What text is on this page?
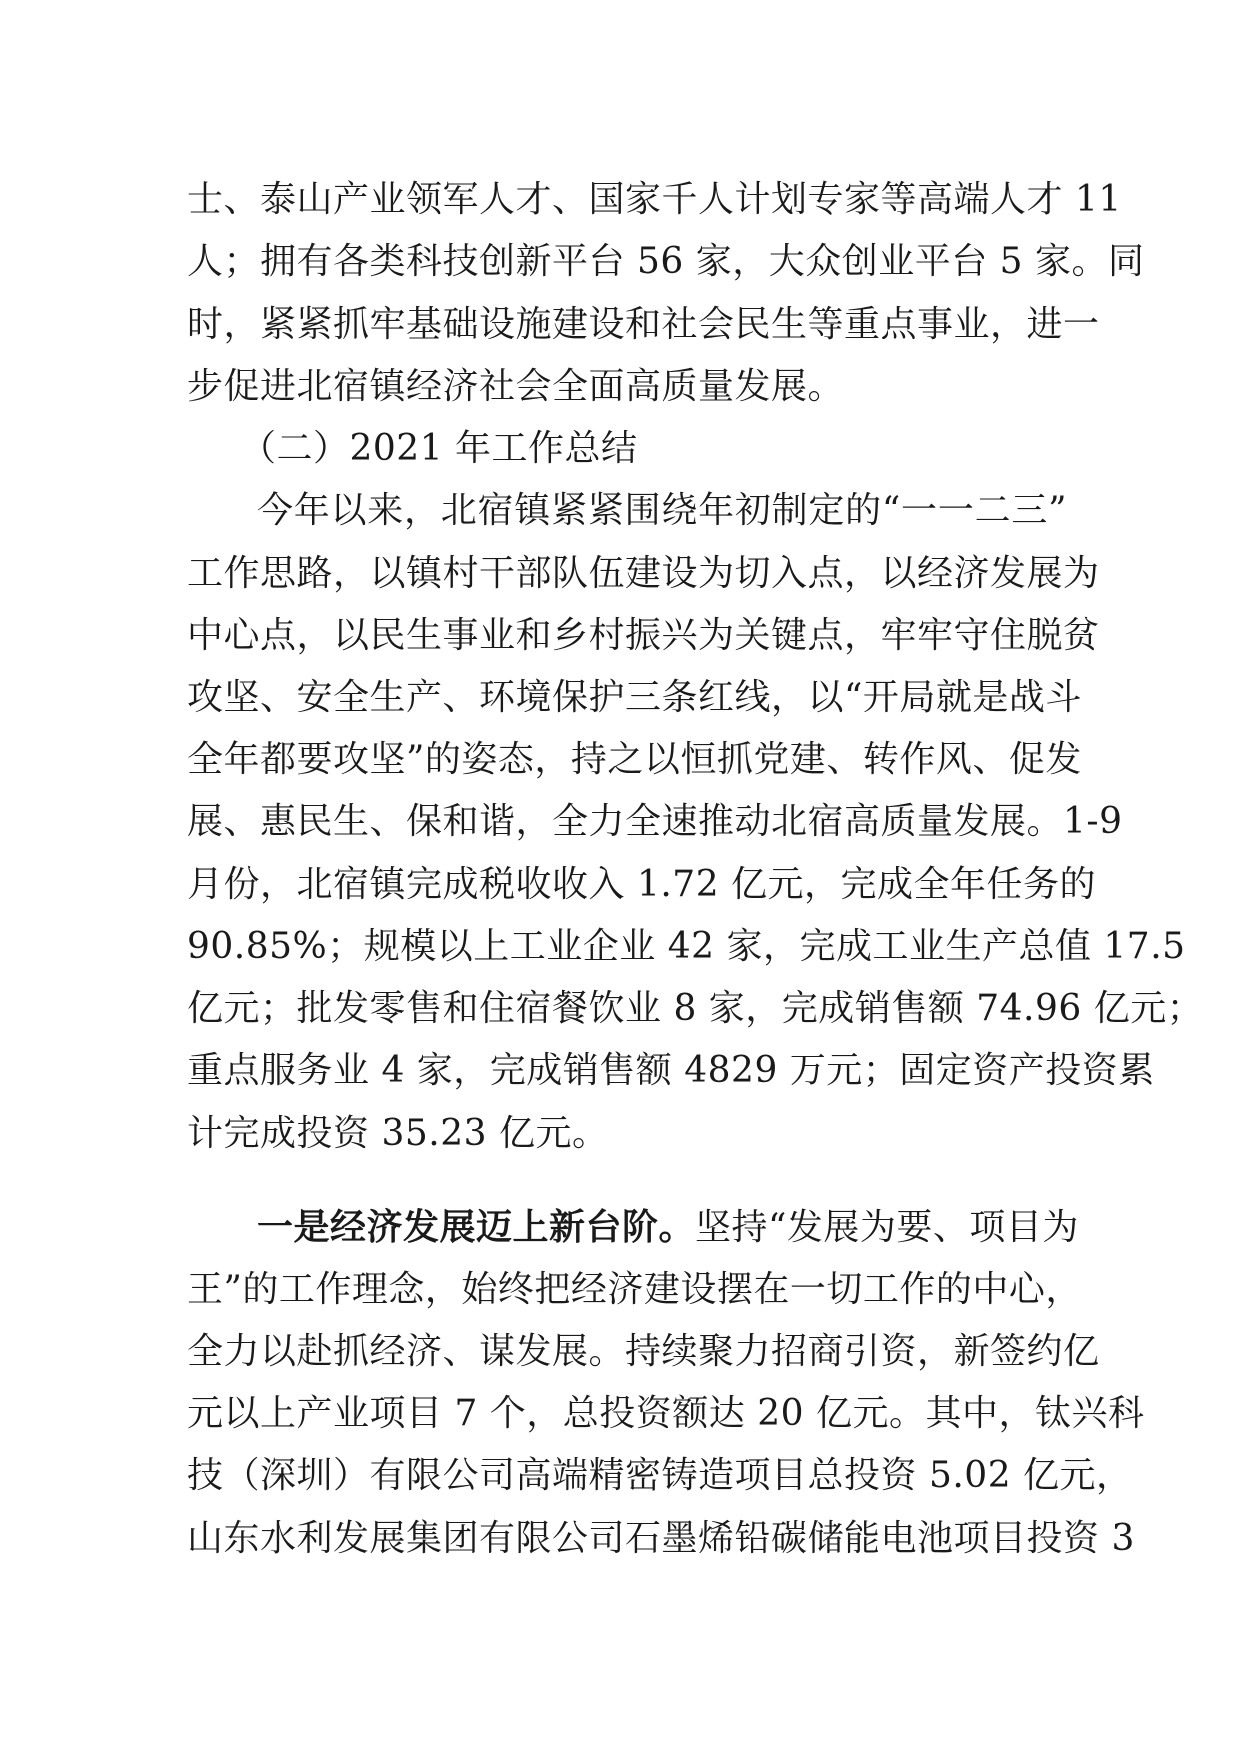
士、泰山产业领军人才、国家千人计划专家等高端人才 11
人；拥有各类科技创新平台 56 家，大众创业平台 5 家。同
时，紧紧抓牢基础设施建设和社会民生等重点事业，进一
步促进北宿镇经济社会全面高质量发展。
（二）2021 年工作总结
今年以来，北宿镇紧紧围绕年初制定的“一一二三”
工作思路，以镇村干部队伍建设为切入点，以经济发展为
中心点，以民生事业和乡村振兴为关键点，牢牢守住脱贫
攻坚、安全生产、环境保护三条红线，以“开局就是战斗
全年都要攻坚”的姿态，持之以恒抓党建、转作风、促发
展、惠民生、保和谐，全力全速推动北宿高质量发展。1-9
月份，北宿镇完成税收收入 1.72 亿元，完成全年任务的
90.85%；规模以上工业企业 42 家，完成工业生产总值 17.5
亿元；批发零售和住宿餐饮业 8 家，完成销售额 74.96 亿元；
重点服务业 4 家，完成销售额 4829 万元；固定资产投资累
计完成投资 35.23 亿元。
一是经济发展迈上新台阶。坚持“发展为要、项目为
王”的工作理念，始终把经济建设摆在一切工作的中心，
全力以赴抓经济、谋发展。持续聚力招商引资，新签约亿
元以上产业项目 7 个，总投资额达 20 亿元。其中，钛兴科
技（深圳）有限公司高端精密铸造项目总投资 5.02 亿元，
山东水利发展集团有限公司石墨烯铅碳储能电池项目投资 3
